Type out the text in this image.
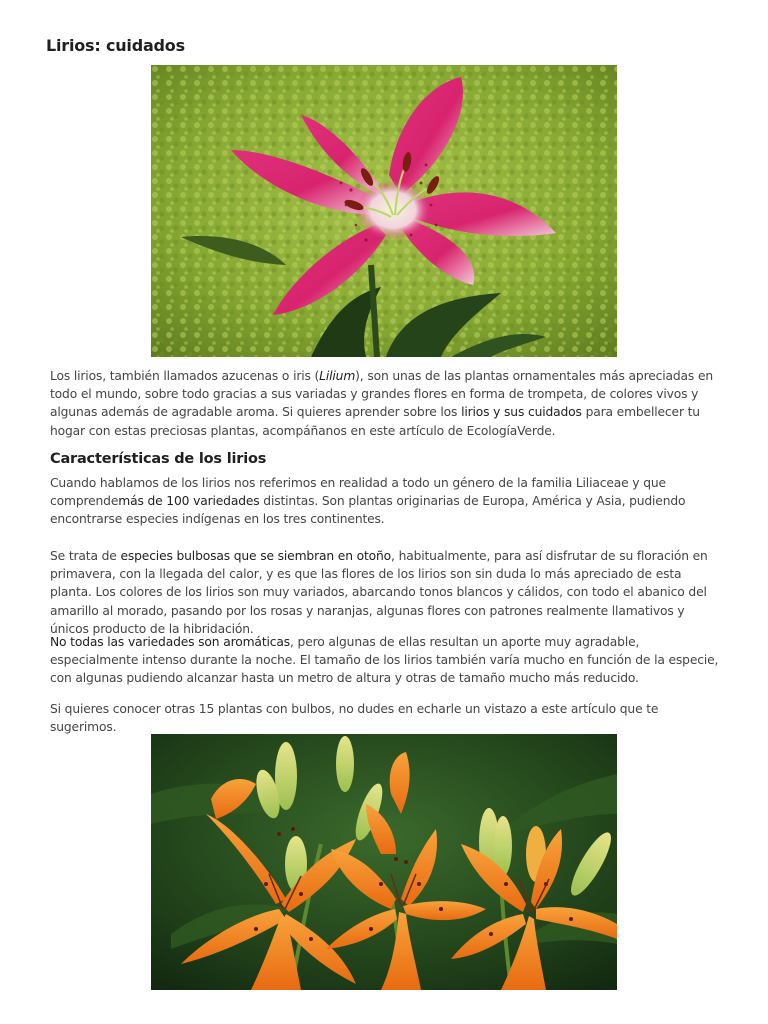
Lirios: cuidados

Los lirios, también llamados azucenas o iris (Lilium), son unas de las plantas ornamentales más apreciadas en todo el mundo, sobre todo gracias a sus variadas y grandes flores en forma de trompeta, de colores vivos y algunas además de agradable aroma. Si quieres aprender sobre los lirios y sus cuidados para embellecer tu hogar con estas preciosas plantas, acompáñanos en este artículo de EcologíaVerde.

Características de los lirios

Cuando hablamos de los lirios nos referimos en realidad a todo un género de la familia Liliaceae y que comprendemás de 100 variedades distintas. Son plantas originarias de Europa, América y Asia, pudiendo encontrarse especies indígenas en los tres continentes.

Se trata de especies bulbosas que se siembran en otoño, habitualmente, para así disfrutar de su floración en primavera, con la llegada del calor, y es que las flores de los lirios son sin duda lo más apreciado de esta planta. Los colores de los lirios son muy variados, abarcando tonos blancos y cálidos, con todo el abanico del amarillo al morado, pasando por los rosas y naranjas, algunas flores con patrones realmente llamativos y únicos producto de la hibridación.

No todas las variedades son aromáticas, pero algunas de ellas resultan un aporte muy agradable, especialmente intenso durante la noche. El tamaño de los lirios también varía mucho en función de la especie, con algunas pudiendo alcanzar hasta un metro de altura y otras de tamaño mucho más reducido.

Si quieres conocer otras 15 plantas con bulbos, no dudes en echarle un vistazo a este artículo que te sugerimos.
